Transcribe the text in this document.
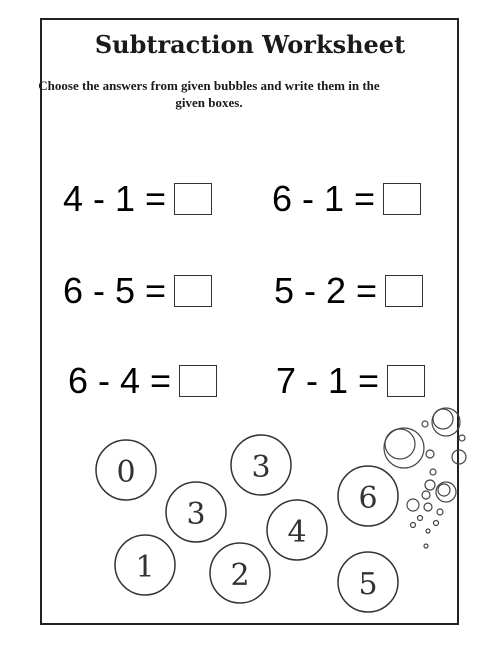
Subtraction Worksheet
Choose the answers from given bubbles and write them in the given boxes.
4 - 1 =	6 - 1 =
6 - 5 =	5 - 2 =
6 - 4 =	7 - 1 =
0	3
3	6
4
1	2	5
